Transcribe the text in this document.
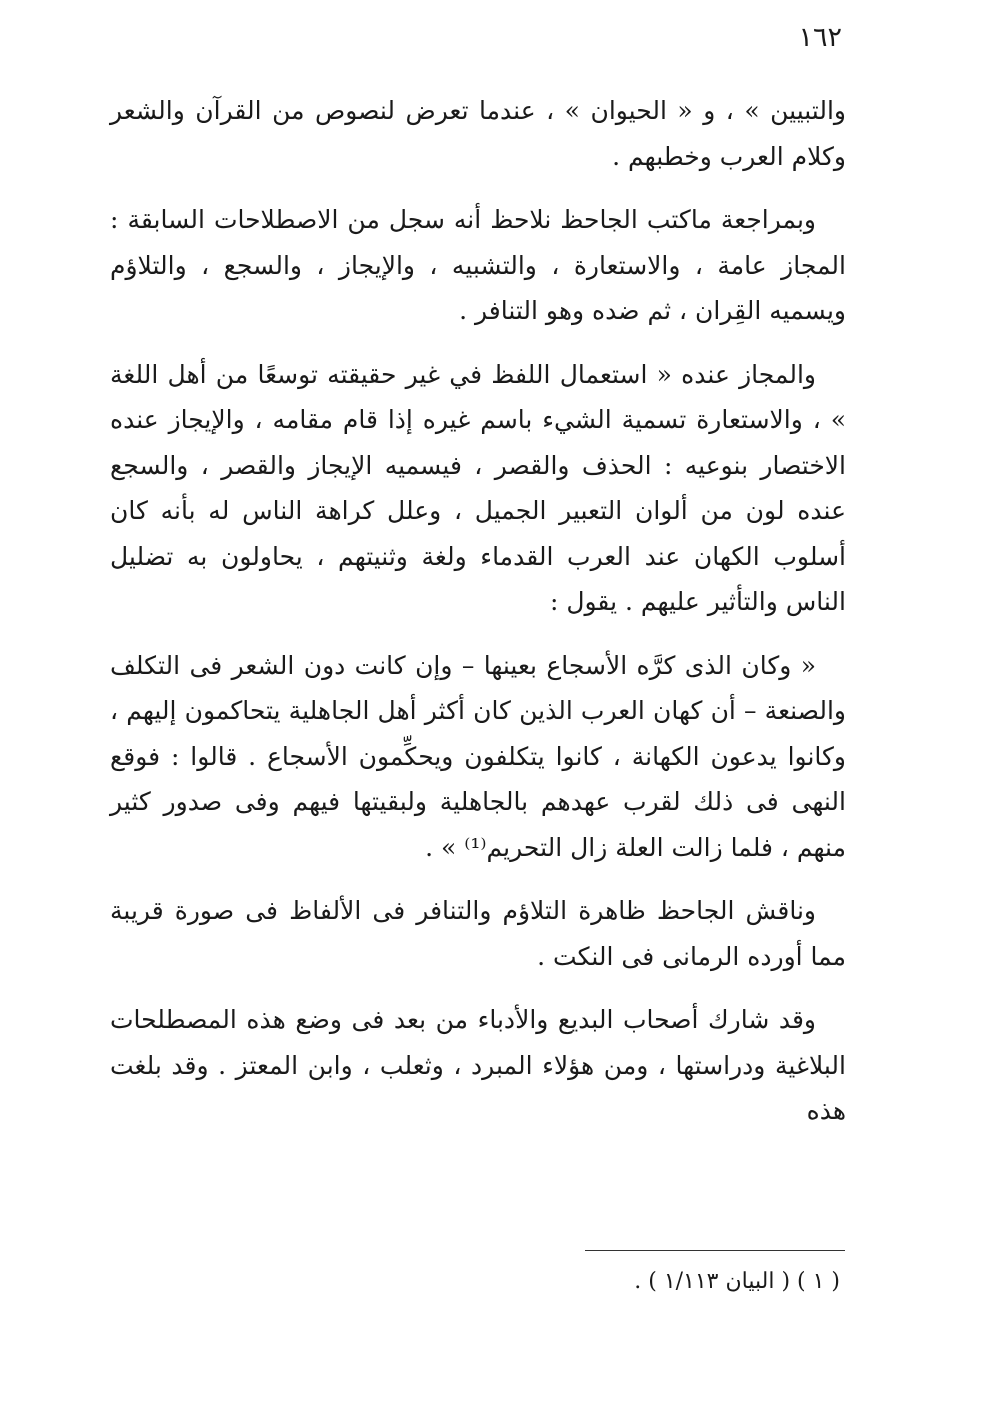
١٦٢

والتبيين » ، و « الحيوان » ، عندما تعرض لنصوص من القرآن والشعر وكلام العرب وخطبهم .

وبمراجعة ماكتب الجاحظ نلاحظ أنه سجل من الاصطلاحات السابقة : المجاز عامة ، والاستعارة ، والتشبيه ، والإيجاز ، والسجع ، والتلاؤم ويسميه القِران ، ثم ضده وهو التنافر .

والمجاز عنده « استعمال اللفظ في غير حقيقته توسعًا من أهل اللغة » ، والاستعارة تسمية الشيء باسم غيره إذا قام مقامه ، والإيجاز عنده الاختصار بنوعيه : الحذف والقصر ، فيسميه الإيجاز والقصر ، والسجع عنده لون من ألوان التعبير الجميل ، وعلل كراهة الناس له بأنه كان أسلوب الكهان عند العرب القدماء ولغة وثنيتهم ، يحاولون به تضليل الناس والتأثير عليهم . يقول :

« وكان الذى كرَّه الأسجاع بعينها – وإن كانت دون الشعر فى التكلف والصنعة – أن كهان العرب الذين كان أكثر أهل الجاهلية يتحاكمون إليهم ، وكانوا يدعون الكهانة ، كانوا يتكلفون ويحكِّمون الأسجاع . قالوا : فوقع النهى فى ذلك لقرب عهدهم بالجاهلية ولبقيتها فيهم وفى صدور كثير منهم ، فلما زالت العلة زال التحريم⁽¹⁾ » .

وناقش الجاحظ ظاهرة التلاؤم والتنافر فى الألفاظ فى صورة قريبة مما أورده الرمانى فى النكت .

وقد شارك أصحاب البديع والأدباء من بعد فى وضع هذه المصطلحات البلاغية ودراستها ، ومن هؤلاء المبرد ، وثعلب ، وابن المعتز . وقد بلغت هذه

( ١ ) ( البيان ١/١١٣ ) .
